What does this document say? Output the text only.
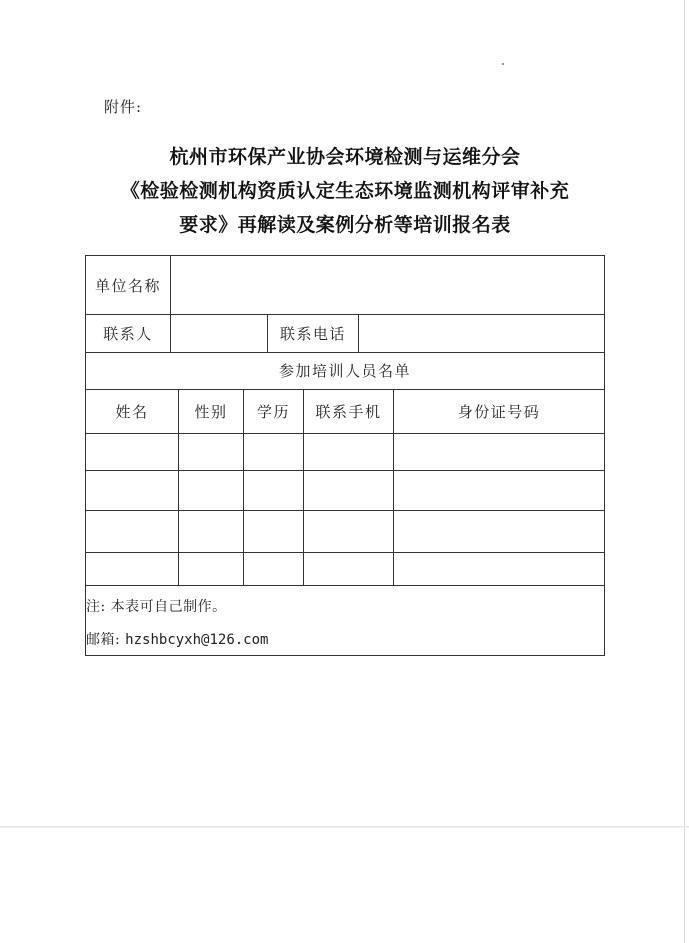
附件:
杭州市环保产业协会环境检测与运维分会
《检验检测机构资质认定生态环境监测机构评审补充
要求》再解读及案例分析等培训报名表
单位名称
联系人	联系电话
参加培训人员名单
姓名	性别	学历	联系手机	身份证号码
注: 本表可自己制作。
邮箱: hzshbcyxh@126.com
